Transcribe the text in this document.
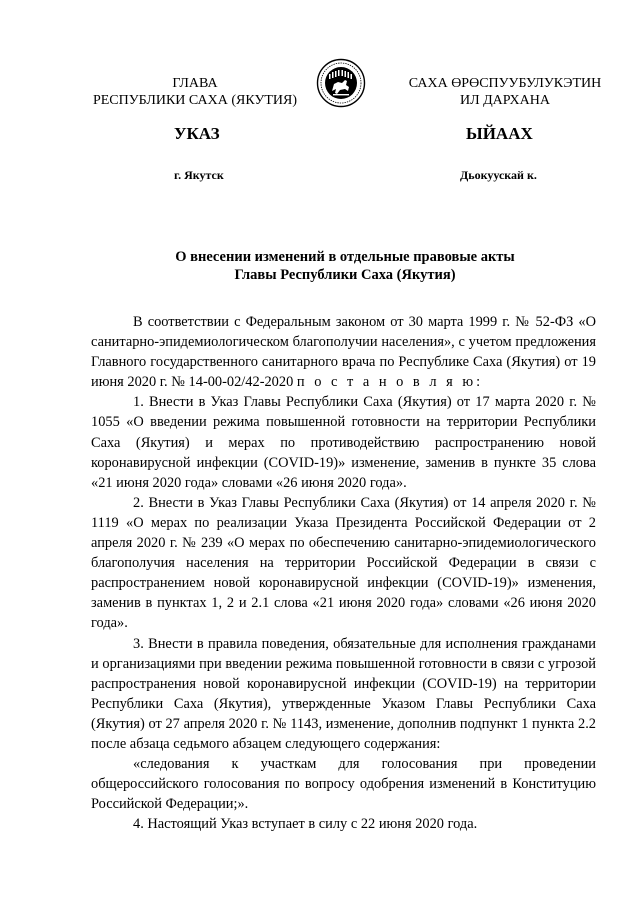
ГЛАВА
РЕСПУБЛИКИ САХА (ЯКУТИЯ)
САХА ӨРӨСПУУБУЛУКЭТИН
ИЛ ДАРХАНА
УКАЗ	ЫЙААХ
г. Якутск	Дьокуускай к.
О внесении изменений в отдельные правовые акты
Главы Республики Саха (Якутия)

В соответствии с Федеральным законом от 30 марта 1999 г. № 52-ФЗ «О санитарно-эпидемиологическом благополучии населения», с учетом предложения Главного государственного санитарного врача по Республике Саха (Якутия) от 19 июня 2020 г. № 14-00-02/42-2020 п о с т а н о в л я ю:

1. Внести в Указ Главы Республики Саха (Якутия) от 17 марта 2020 г. № 1055 «О введении режима повышенной готовности на территории Республики Саха (Якутия) и мерах по противодействию распространению новой коронавирусной инфекции (COVID-19)» изменение, заменив в пункте 35 слова «21 июня 2020 года» словами «26 июня 2020 года».

2. Внести в Указ Главы Республики Саха (Якутия) от 14 апреля 2020 г. № 1119 «О мерах по реализации Указа Президента Российской Федерации от 2 апреля 2020 г. № 239 «О мерах по обеспечению санитарно-эпидемиологического благополучия населения на территории Российской Федерации в связи с распространением новой коронавирусной инфекции (COVID-19)» изменения, заменив в пунктах 1, 2 и 2.1 слова «21 июня 2020 года» словами «26 июня 2020 года».

3. Внести в правила поведения, обязательные для исполнения гражданами и организациями при введении режима повышенной готовности в связи с угрозой распространения новой коронавирусной инфекции (COVID-19) на территории Республики Саха (Якутия), утвержденные Указом Главы Республики Саха (Якутия) от 27 апреля 2020 г. № 1143, изменение, дополнив подпункт 1 пункта 2.2 после абзаца седьмого абзацем следующего содержания:

«следования к участкам для голосования при проведении общероссийского голосования по вопросу одобрения изменений в Конституцию Российской Федерации;».

4. Настоящий Указ вступает в силу с 22 июня 2020 года.
